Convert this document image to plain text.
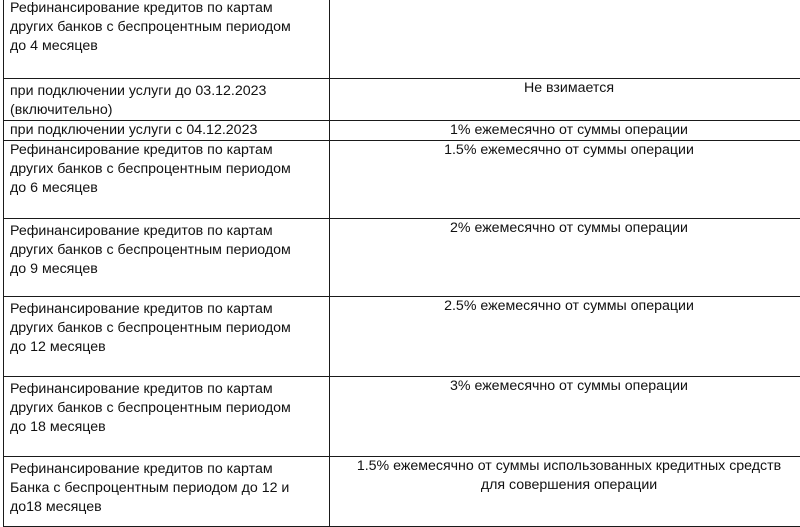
Рефинансирование кредитов по картам
других банков с беспроцентным периодом
до 4 месяцев	

при подключении услуги до 03.12.2023
(включительно)	Не взимается

при подключении услуги с 04.12.2023	1% ежемесячно от суммы операции

Рефинансирование кредитов по картам
других банков с беспроцентным периодом
до 6 месяцев	1.5% ежемесячно от суммы операции

Рефинансирование кредитов по картам
других банков с беспроцентным периодом
до 9 месяцев	2% ежемесячно от суммы операции

Рефинансирование кредитов по картам
других банков с беспроцентным периодом
до 12 месяцев	2.5% ежемесячно от суммы операции

Рефинансирование кредитов по картам
других банков с беспроцентным периодом
до 18 месяцев	3% ежемесячно от суммы операции

Рефинансирование кредитов по картам
Банка с беспроцентным периодом до 12 и
до18 месяцев	1.5% ежемесячно от суммы использованных кредитных средств
для совершения операции
